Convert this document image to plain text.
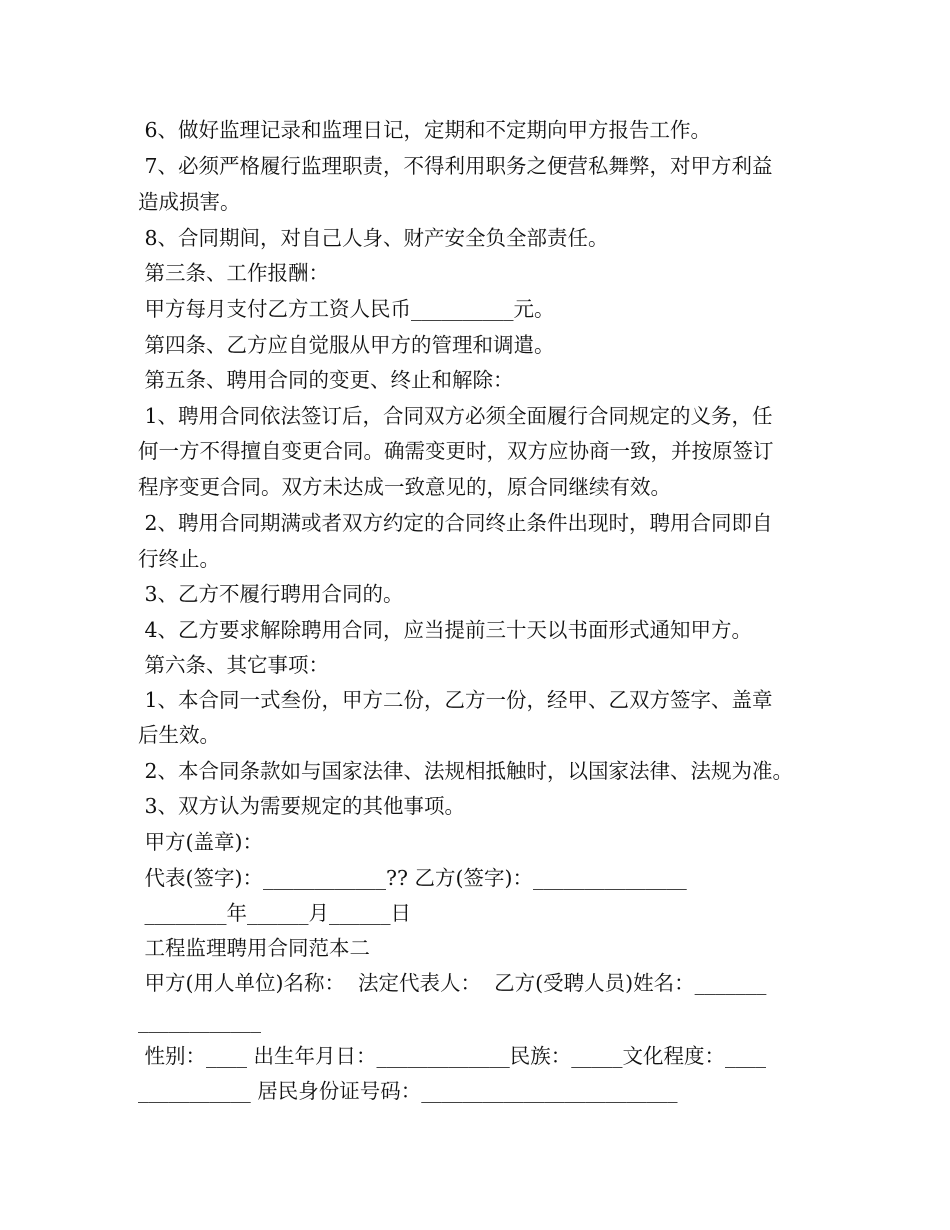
6、做好监理记录和监理日记，定期和不定期向甲方报告工作。
7、必须严格履行监理职责，不得利用职务之便营私舞弊，对甲方利益
造成损害。
8、合同期间，对自己人身、财产安全负全部责任。
第三条、工作报酬：
甲方每月支付乙方工资人民币__________元。
第四条、乙方应自觉服从甲方的管理和调遣。
第五条、聘用合同的变更、终止和解除：
1、聘用合同依法签订后，合同双方必须全面履行合同规定的义务，任
何一方不得擅自变更合同。确需变更时，双方应协商一致，并按原签订
程序变更合同。双方未达成一致意见的，原合同继续有效。
2、聘用合同期满或者双方约定的合同终止条件出现时，聘用合同即自
行终止。
3、乙方不履行聘用合同的。
4、乙方要求解除聘用合同，应当提前三十天以书面形式通知甲方。
第六条、其它事项：
1、本合同一式叁份，甲方二份，乙方一份，经甲、乙双方签字、盖章
后生效。
2、本合同条款如与国家法律、法规相抵触时，以国家法律、法规为准。
3、双方认为需要规定的其他事项。
甲方(盖章)：
代表(签字)：____________?? 乙方(签字)：_______________
________年______月______日
工程监理聘用合同范本二
甲方(用人单位)名称：  法定代表人：  乙方(受聘人员)姓名：_______
____________
性别：____ 出生年月日：_____________民族：_____文化程度：____
___________ 居民身份证号码：_________________________
